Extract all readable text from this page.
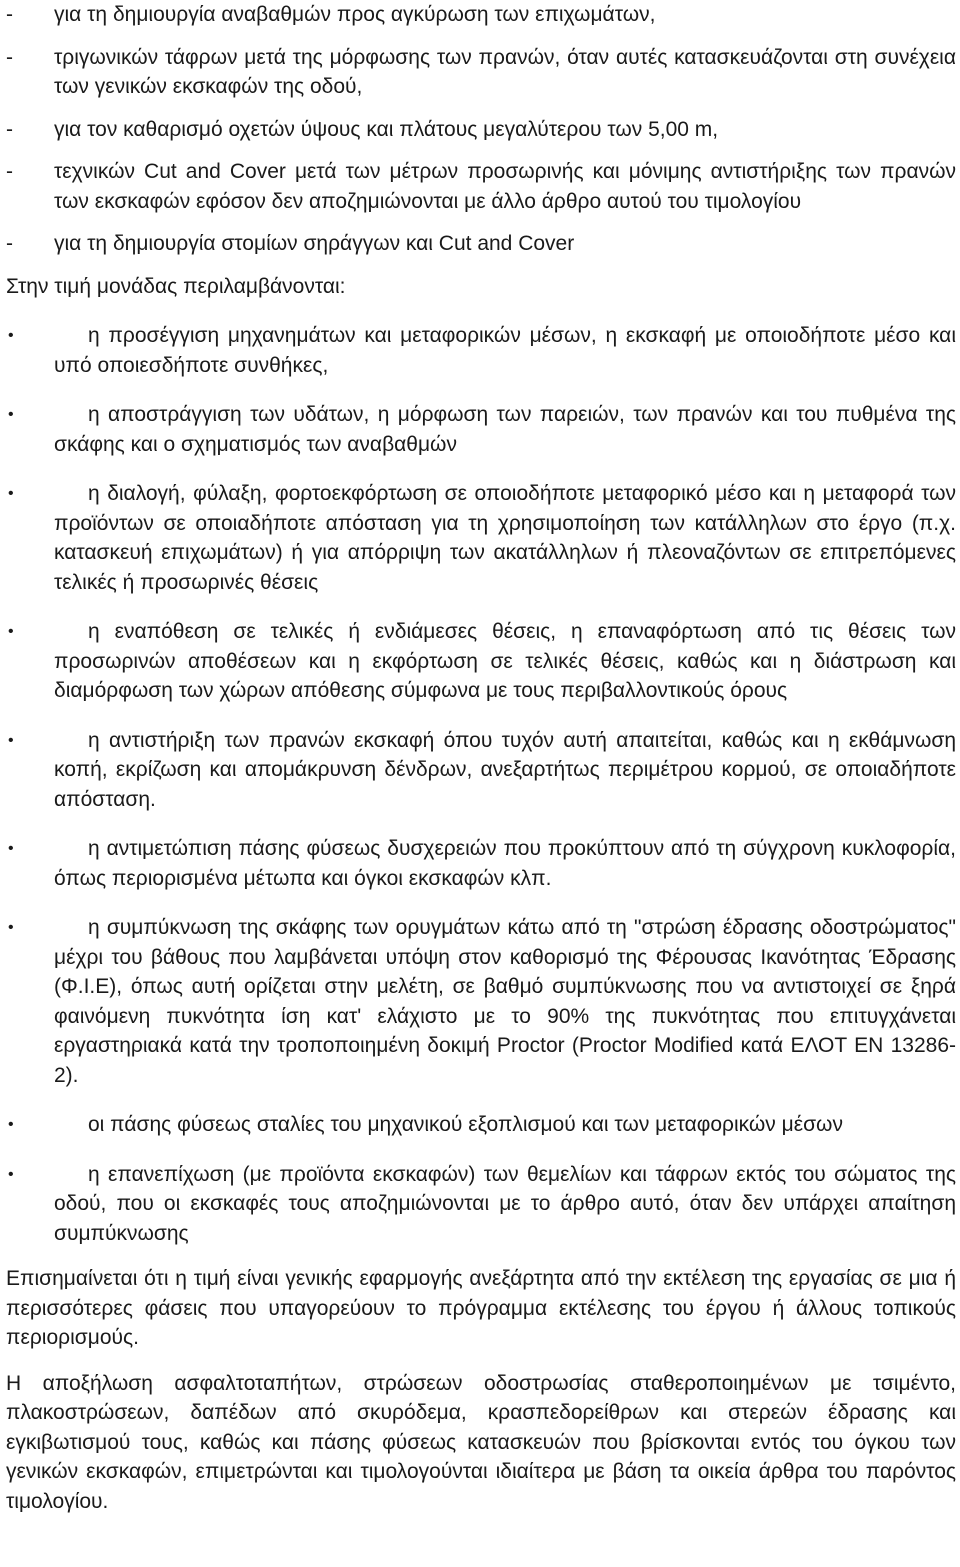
- για τη δημιουργία αναβαθμών προς αγκύρωση των επιχωμάτων,
- τριγωνικών τάφρων μετά της μόρφωσης των πρανών, όταν αυτές κατασκευάζονται στη συνέχεια των γενικών εκσκαφών της οδού,
- για τον καθαρισμό οχετών ύψους και πλάτους μεγαλύτερου των 5,00 m,
- τεχνικών Cut and Cover μετά των μέτρων προσωρινής και μόνιμης αντιστήριξης των πρανών των εκσκαφών εφόσον δεν αποζημιώνονται με άλλο άρθρο αυτού του τιμολογίου
- για τη δημιουργία στομίων σηράγγων και Cut and Cover
Στην τιμή μονάδας περιλαμβάνονται:
•	η προσέγγιση μηχανημάτων και μεταφορικών μέσων, η εκσκαφή με οποιοδήποτε μέσο και υπό οποιεσδήποτε συνθήκες,
•	η αποστράγγιση των υδάτων, η μόρφωση των παρειών, των πρανών και του πυθμένα της σκάφης και ο σχηματισμός των αναβαθμών
•	η διαλογή, φύλαξη, φορτοεκφόρτωση σε οποιοδήποτε μεταφορικό μέσο και η μεταφορά των προϊόντων σε οποιαδήποτε απόσταση για τη χρησιμοποίηση των κατάλληλων στο έργο (π.χ. κατασκευή επιχωμάτων) ή για απόρριψη των ακατάλληλων ή πλεοναζόντων σε επιτρεπόμενες τελικές ή προσωρινές θέσεις
•	η εναπόθεση σε τελικές ή ενδιάμεσες θέσεις, η επαναφόρτωση από τις θέσεις των προσωρινών αποθέσεων και η εκφόρτωση σε τελικές θέσεις, καθώς και η διάστρωση και διαμόρφωση των χώρων απόθεσης σύμφωνα με τους περιβαλλοντικούς όρους
•	η αντιστήριξη των πρανών εκσκαφή όπου τυχόν αυτή απαιτείται, καθώς και η εκθάμνωση κοπή, εκρίζωση και απομάκρυνση δένδρων, ανεξαρτήτως περιμέτρου κορμού, σε οποιαδήποτε απόσταση.
•	η αντιμετώπιση πάσης φύσεως δυσχερειών που προκύπτουν από τη σύγχρονη κυκλοφορία, όπως περιορισμένα μέτωπα και όγκοι εκσκαφών κλπ.
•	η συμπύκνωση της σκάφης των ορυγμάτων κάτω από τη "στρώση έδρασης οδοστρώματος" μέχρι του βάθους που λαμβάνεται υπόψη στον καθορισμό της Φέρουσας Ικανότητας Έδρασης (Φ.Ι.Ε), όπως αυτή ορίζεται στην μελέτη, σε βαθμό συμπύκνωσης που να αντιστοιχεί σε ξηρά φαινόμενη πυκνότητα ίση κατ' ελάχιστο με το 90% της πυκνότητας που επιτυγχάνεται εργαστηριακά κατά την τροποποιημένη δοκιμή Proctor (Proctor Modified κατά ΕΛΟΤ ΕΝ 13286-2).
•	οι πάσης φύσεως σταλίες του μηχανικού εξοπλισμού και των μεταφορικών μέσων
•	η επανεπίχωση (με προϊόντα εκσκαφών) των θεμελίων και τάφρων εκτός του σώματος της οδού, που οι εκσκαφές τους αποζημιώνονται με το άρθρο αυτό, όταν δεν υπάρχει απαίτηση συμπύκνωσης
Επισημαίνεται ότι η τιμή είναι γενικής εφαρμογής ανεξάρτητα από την εκτέλεση της εργασίας σε μια ή περισσότερες φάσεις που υπαγορεύουν το πρόγραμμα εκτέλεσης του έργου ή άλλους τοπικούς περιορισμούς.
Η αποξήλωση ασφαλτοταπήτων, στρώσεων οδοστρωσίας σταθεροποιημένων με τσιμέντο, πλακοστρώσεων, δαπέδων από σκυρόδεμα, κρασπεδορείθρων και στερεών έδρασης και εγκιβωτισμού τους, καθώς και πάσης φύσεως κατασκευών που βρίσκονται εντός του όγκου των γενικών εκσκαφών, επιμετρώνται και τιμολογούνται ιδιαίτερα με βάση τα οικεία άρθρα του παρόντος τιμολογίου.
